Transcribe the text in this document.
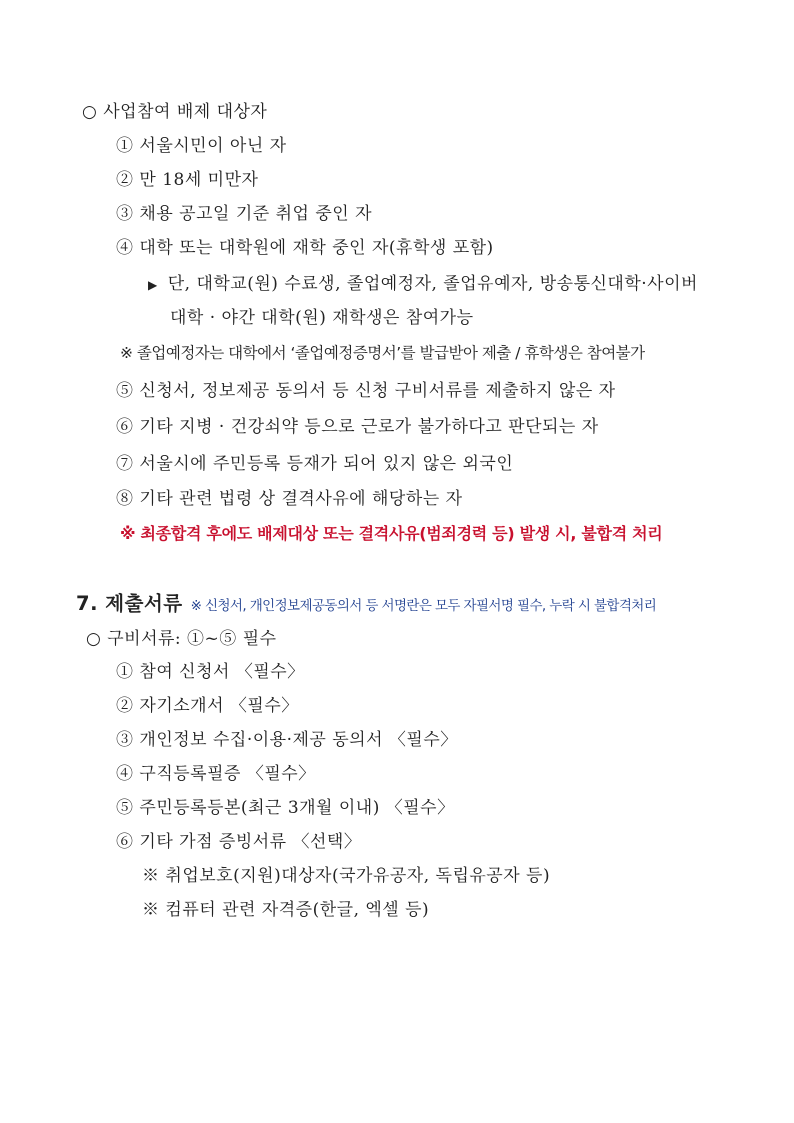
○ 사업참여 배제 대상자
① 서울시민이 아닌 자
② 만 18세 미만자
③ 채용 공고일 기준 취업 중인 자
④ 대학 또는 대학원에 재학 중인 자(휴학생 포함)
▶ 단, 대학교(원) 수료생, 졸업예정자, 졸업유예자, 방송통신대학·사이버
대학 · 야간 대학(원) 재학생은 참여가능
※ 졸업예정자는 대학에서 ‘졸업예정증명서’를 발급받아 제출 / 휴학생은 참여불가
⑤ 신청서, 정보제공 동의서 등 신청 구비서류를 제출하지 않은 자
⑥ 기타 지병 · 건강쇠약 등으로 근로가 불가하다고 판단되는 자
⑦ 서울시에 주민등록 등재가 되어 있지 않은 외국인
⑧ 기타 관련 법령 상 결격사유에 해당하는 자
※ 최종합격 후에도 배제대상 또는 결격사유(범죄경력 등) 발생 시, 불합격 처리
7. 제출서류 ※ 신청서, 개인정보제공동의서 등 서명란은 모두 자필서명 필수, 누락 시 불합격처리
○ 구비서류: ①~⑤ 필수
① 참여 신청서 〈필수〉
② 자기소개서 〈필수〉
③ 개인정보 수집·이용·제공 동의서 〈필수〉
④ 구직등록필증 〈필수〉
⑤ 주민등록등본(최근 3개월 이내) 〈필수〉
⑥ 기타 가점 증빙서류 〈선택〉
※ 취업보호(지원)대상자(국가유공자, 독립유공자 등)
※ 컴퓨터 관련 자격증(한글, 엑셀 등)
